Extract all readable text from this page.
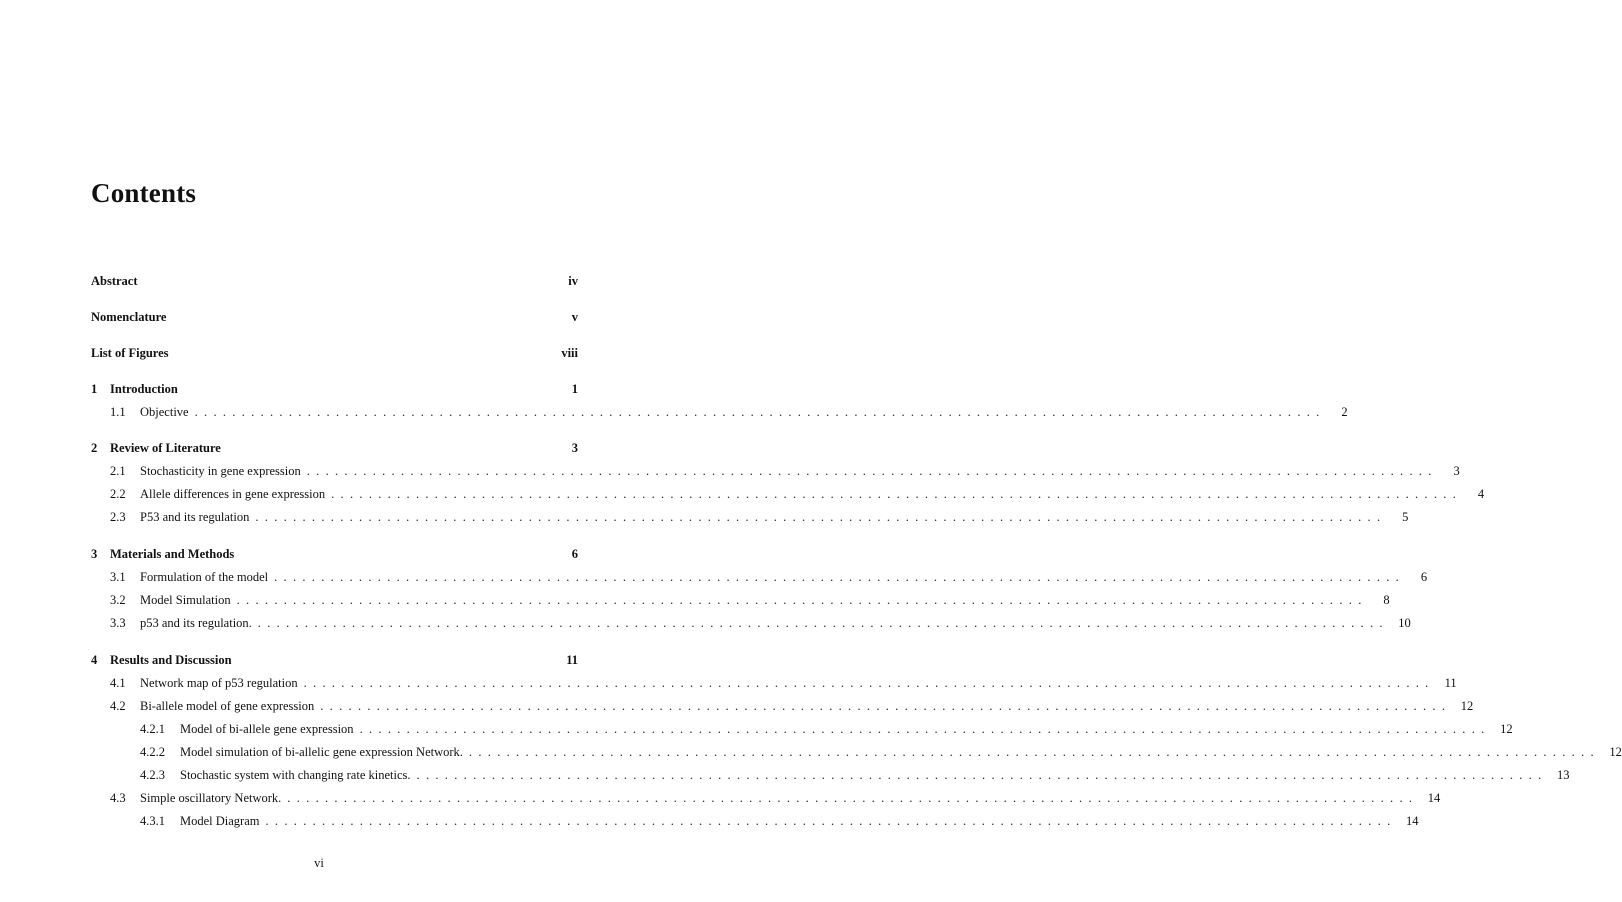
Contents
Abstract	iv
Nomenclature	v
List of Figures	viii
1	Introduction	1
1.1	Objective ........................................................................................................................	2
2	Review of Literature	3
2.1	Stochasticity in gene expression ........................................................................................................................	3
2.2	Allele differences in gene expression ........................................................................................................................	4
2.3	P53 and its regulation ........................................................................................................................	5
3	Materials and Methods	6
3.1	Formulation of the model ........................................................................................................................	6
3.2	Model Simulation ........................................................................................................................	8
3.3	p53 and its regulation. ........................................................................................................................ 10
4	Results and Discussion	11
4.1	Network map of p53 regulation ........................................................................................................................ 11
4.2	Bi-allele model of gene expression ........................................................................................................................ 12
4.2.1	Model of bi-allele gene expression ........................................................................................................................ 12
4.2.2	Model simulation of bi-allelic gene expression Network. ........................................................................................................................ 12
4.2.3	Stochastic system with changing rate kinetics. ........................................................................................................................ 13
4.3	Simple oscillatory Network. ........................................................................................................................ 14
4.3.1	Model Diagram ........................................................................................................................ 14
vi
